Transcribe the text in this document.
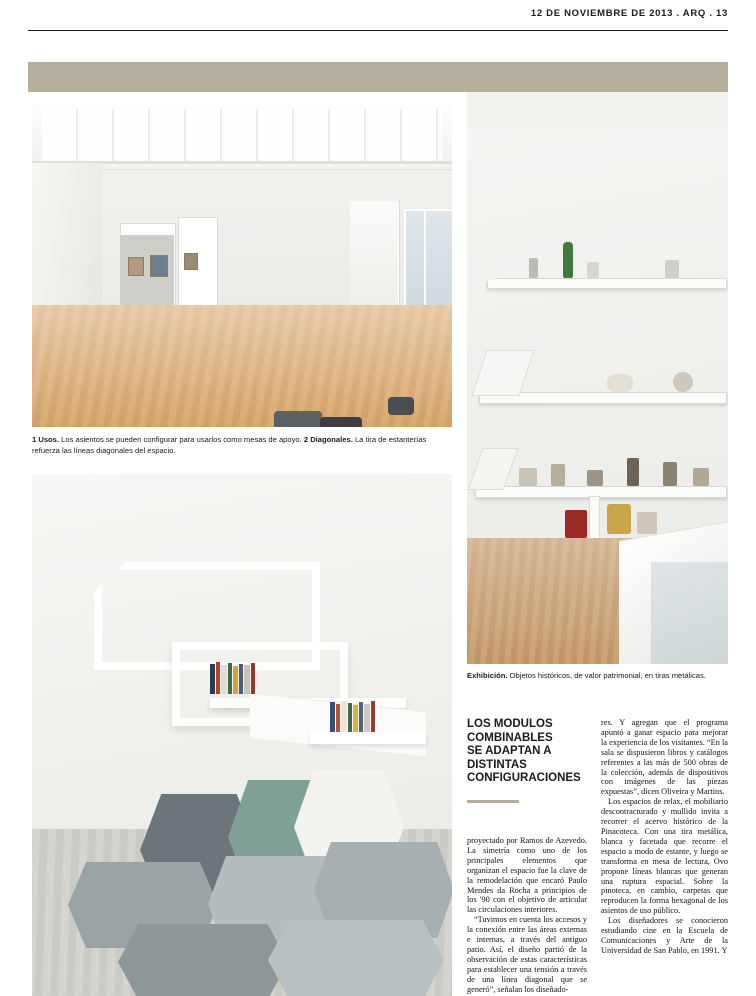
12 DE NOVIEMBRE DE 2013 . ARQ . 13
1 Usos. Los asientos se pueden configurar para usarlos como mesas de apoyo. 2 Diagonales. La tira de estanterías refuerza las líneas diagonales del espacio.
Exhibición. Objetos históricos, de valor patrimonial, en tiras metálicas.
LOS MODULOS COMBINABLES SE ADAPTAN A DISTINTAS CONFIGURACIONES

proyectado por Ramos de Azevedo. La simetría como uno de los principales elementos que organizan el espacio fue la clave de la remodelación que encaró Paulo Mendes da Rocha a principios de los '90 con el objetivo de articular las circulaciones interiores.

“Tuvimos en cuenta los accesos y la conexión entre las áreas externas e internas, a través del antiguo patio. Así, el diseño partió de la observación de estas características para establecer una tensión a través de una línea diagonal que se generó”, señalan los diseñado-

res. Y agregan que el programa apuntó a ganar espacio para mejorar la experiencia de los visitantes. “En la sala se dispusieron libros y catálogos referentes a las más de 500 obras de la colección, además de dispositivos con imágenes de las piezas expuestas”, dicen Oliveira y Martins.

Los espacios de relax, el mobiliario descontracturado y mullido invita a recorrer el acervo histórico de la Pinacoteca. Con una tira metálica, blanca y facetada que recorre el espacio a modo de estante, y luego se transforma en mesa de lectura, Ovo propone líneas blancas que generan una ruptura espacial. Sobre la pinoteca, en cambio, carpetas que reproducen la forma hexagonal de los asientos de uso público.

Los diseñadores se conocieron estudiando cine en la Escuela de Comunicaciones y Arte de la Universidad de San Pablo, en 1991. Y
